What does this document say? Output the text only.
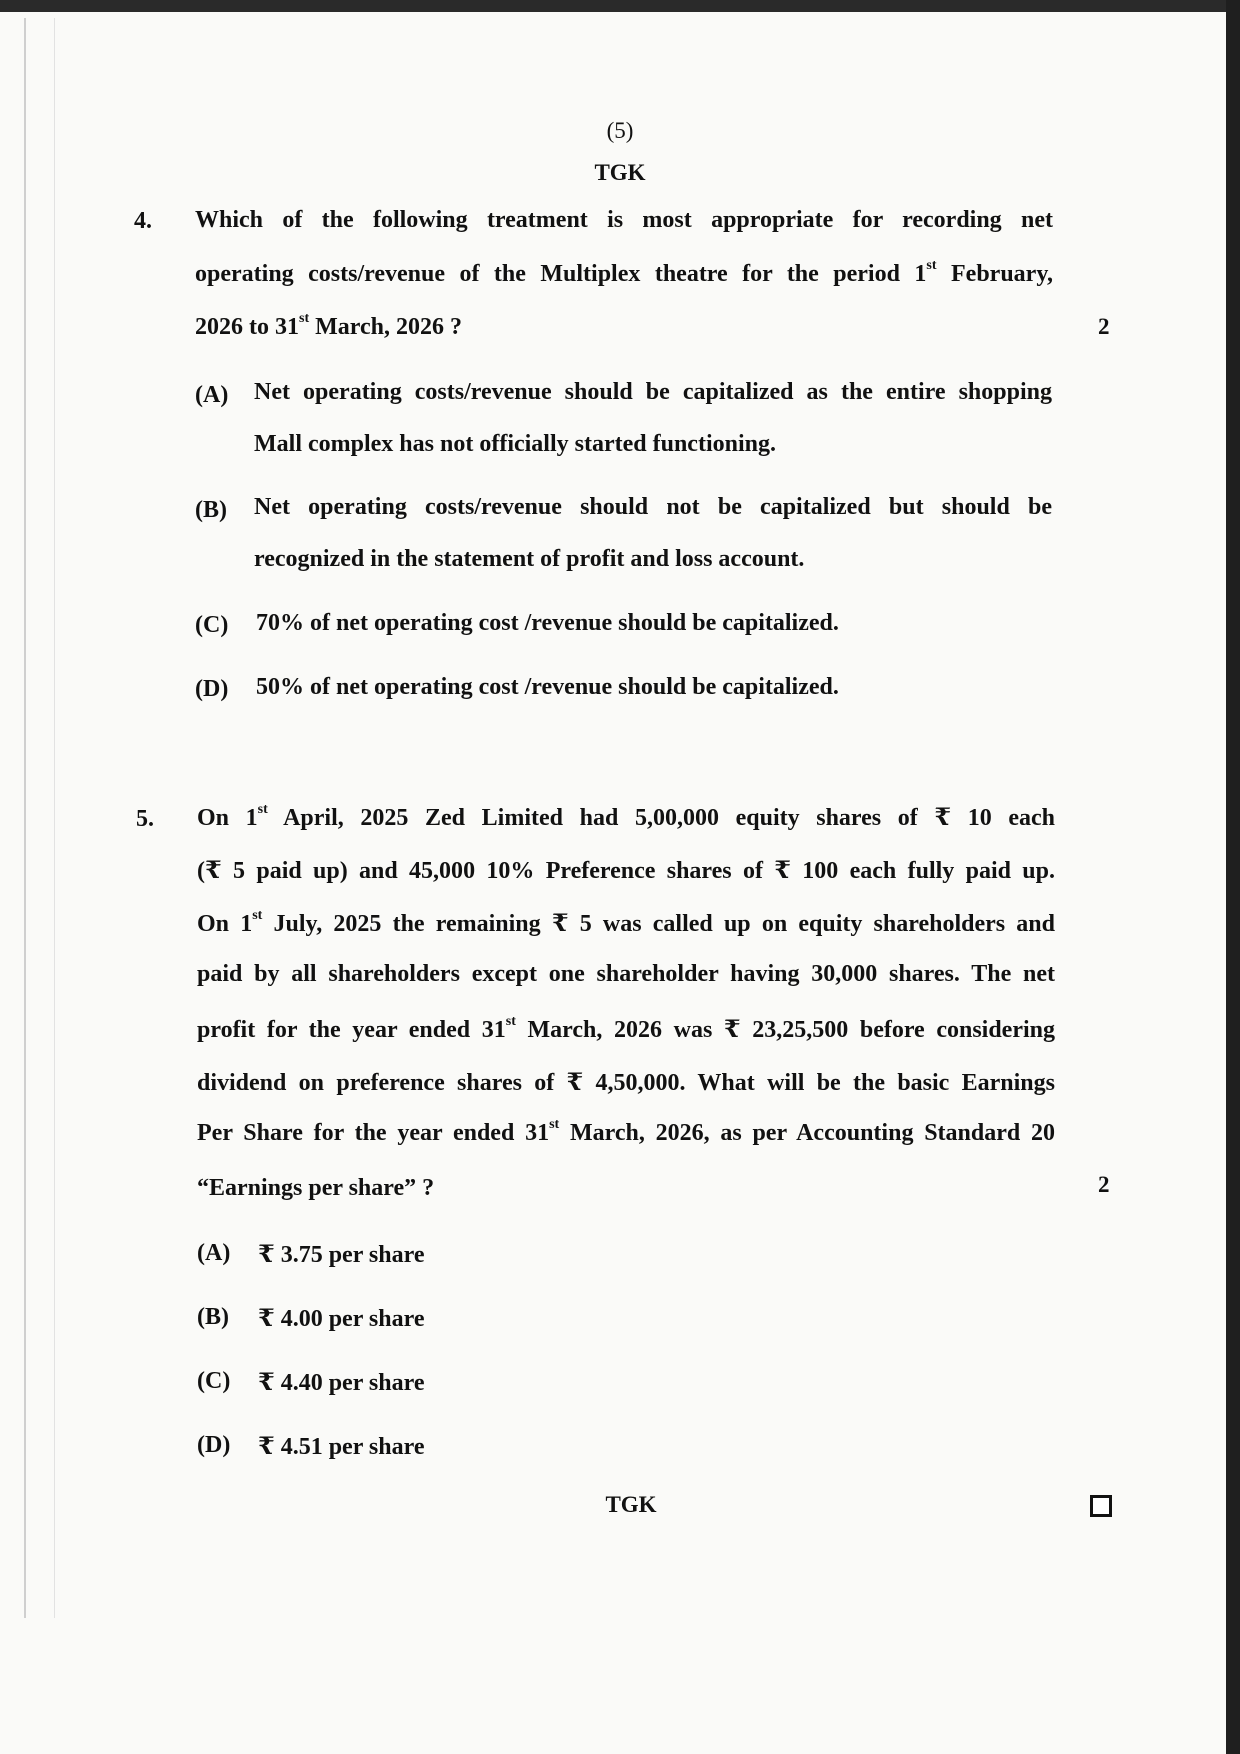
(5)
TGK
4. Which of the following treatment is most appropriate for recording net
operating costs/revenue of the Multiplex theatre for the period 1st February,
2026 to 31st March, 2026 ?	2
(A) Net operating costs/revenue should be capitalized as the entire shopping
Mall complex has not officially started functioning.
(B) Net operating costs/revenue should not be capitalized but should be
recognized in the statement of profit and loss account.
(C) 70% of net operating cost /revenue should be capitalized.
(D) 50% of net operating cost /revenue should be capitalized.
5. On 1st April, 2025 Zed Limited had 5,00,000 equity shares of ₹ 10 each
(₹ 5 paid up) and 45,000 10% Preference shares of ₹ 100 each fully paid up.
On 1st July, 2025 the remaining ₹ 5 was called up on equity shareholders and
paid by all shareholders except one shareholder having 30,000 shares. The net
profit for the year ended 31st March, 2026 was ₹ 23,25,500 before considering
dividend on preference shares of ₹ 4,50,000. What will be the basic Earnings
Per Share for the year ended 31st March, 2026, as per Accounting Standard 20
“Earnings per share” ?	2
(A) ₹ 3.75 per share
(B) ₹ 4.00 per share
(C) ₹ 4.40 per share
(D) ₹ 4.51 per share
TGK
